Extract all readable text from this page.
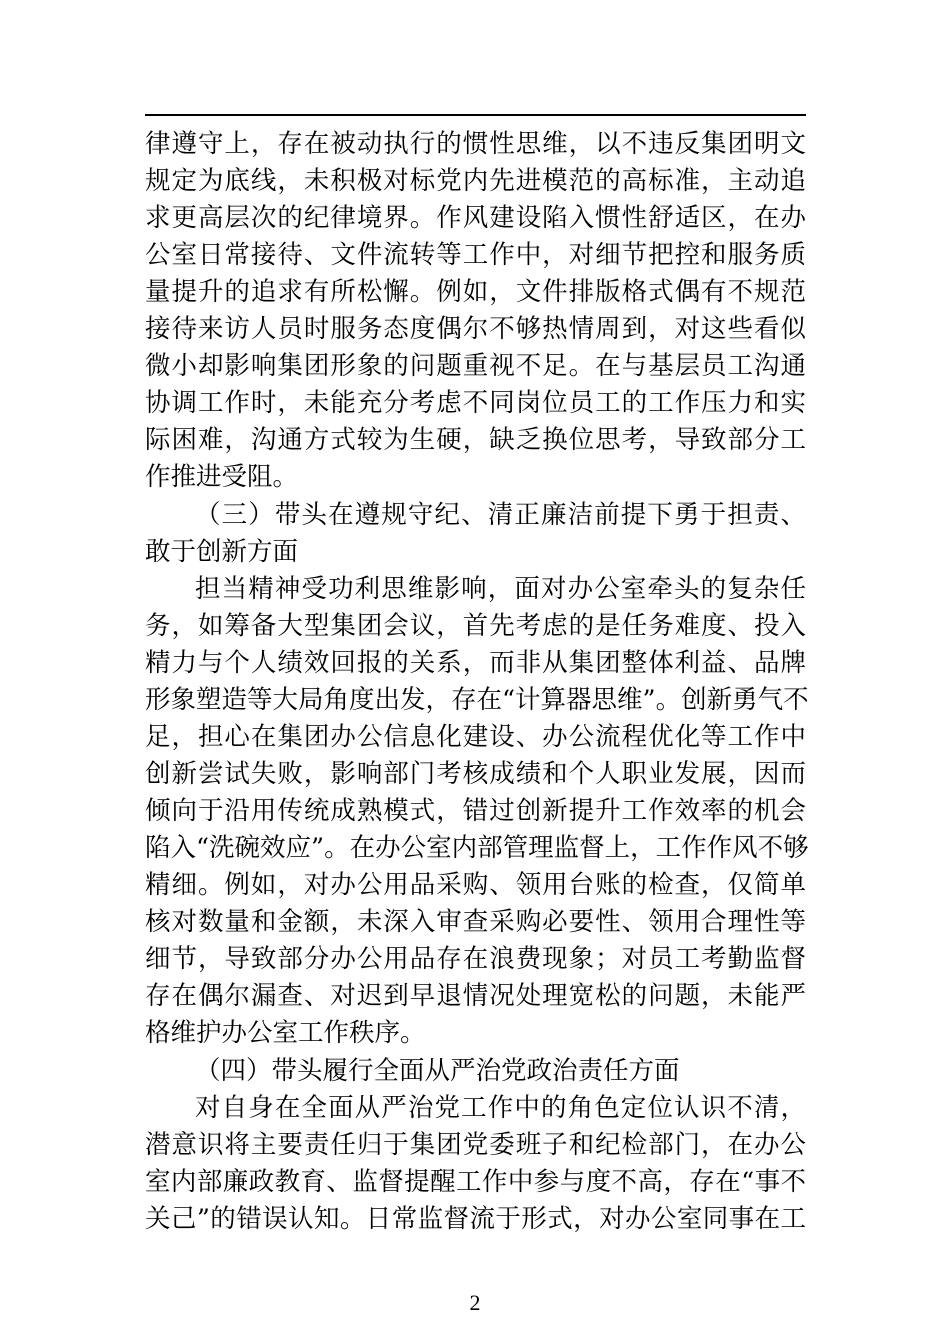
律遵守上，存在被动执行的惯性思维，以不违反集团明文
规定为底线，未积极对标党内先进模范的高标准，主动追
求更高层次的纪律境界。作风建设陷入惯性舒适区，在办
公室日常接待、文件流转等工作中，对细节把控和服务质
量提升的追求有所松懈。例如，文件排版格式偶有不规范
接待来访人员时服务态度偶尔不够热情周到，对这些看似
微小却影响集团形象的问题重视不足。在与基层员工沟通
协调工作时，未能充分考虑不同岗位员工的工作压力和实
际困难，沟通方式较为生硬，缺乏换位思考，导致部分工
作推进受阻。
（三）带头在遵规守纪、清正廉洁前提下勇于担责、
敢于创新方面
担当精神受功利思维影响，面对办公室牵头的复杂任
务，如筹备大型集团会议，首先考虑的是任务难度、投入
精力与个人绩效回报的关系，而非从集团整体利益、品牌
形象塑造等大局角度出发，存在“计算器思维”。创新勇气不
足，担心在集团办公信息化建设、办公流程优化等工作中
创新尝试失败，影响部门考核成绩和个人职业发展，因而
倾向于沿用传统成熟模式，错过创新提升工作效率的机会
陷入“洗碗效应”。在办公室内部管理监督上，工作作风不够
精细。例如，对办公用品采购、领用台账的检查，仅简单
核对数量和金额，未深入审查采购必要性、领用合理性等
细节，导致部分办公用品存在浪费现象；对员工考勤监督
存在偶尔漏查、对迟到早退情况处理宽松的问题，未能严
格维护办公室工作秩序。
（四）带头履行全面从严治党政治责任方面
对自身在全面从严治党工作中的角色定位认识不清，
潜意识将主要责任归于集团党委班子和纪检部门，在办公
室内部廉政教育、监督提醒工作中参与度不高，存在“事不
关己”的错误认知。日常监督流于形式，对办公室同事在工
2
